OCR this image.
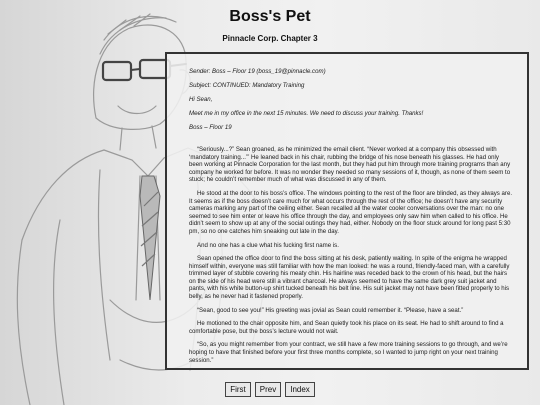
Boss's Pet
Pinnacle Corp. Chapter 3

Sender: Boss – Floor 19 (boss_19@pinnacle.com)

Subject: CONTINUED: Mandatory Training

Hi Sean,

Meet me in my office in the next 15 minutes. We need to discuss your training. Thanks!

Boss – Floor 19

“Seriously...?” Sean groaned, as he minimized the email client. “Never worked at a company this obsessed with ‘mandatory training...’” He leaned back in his chair, rubbing the bridge of his nose beneath his glasses. He had only been working at Pinnacle Corporation for the last month, but they had put him through more training programs than any company he worked for before. It was no wonder they needed so many sessions of it, though, as none of them seem to stuck; he couldn’t remember much of what was discussed in any of them.

He stood at the door to his boss’s office. The windows pointing to the rest of the floor are blinded, as they always are. It seems as if the boss doesn’t care much for what occurs through the rest of the office; he doesn’t have any security cameras marking any part of the ceiling either. Sean recalled all the water cooler conversations over the man: no one seemed to see him enter or leave his office through the day, and employees only saw him when called to his office. He didn’t seem to show up at any of the social outings they had, either. Nobody on the floor stuck around for long past 5:30 pm, so no one catches him sneaking out late in the day.

And no one has a clue what his fucking first name is.

Sean opened the office door to find the boss sitting at his desk, patiently waiting. In spite of the enigma he wrapped himself within, everyone was still familiar with how the man looked: he was a round, friendly-faced man, with a carefully trimmed layer of stubble covering his meaty chin. His hairline was receded back to the crown of his head, but the hairs on the side of his head were still a vibrant charcoal. He always seemed to have the same dark grey suit jacket and pants, with his white button-up shirt tucked beneath his belt line. His suit jacket may not have been fitted properly to his belly, as he never had it fastened properly.

“Sean, good to see you!” His greeting was jovial as Sean could remember it. “Please, have a seat.”

He motioned to the chair opposite him, and Sean quietly took his place on its seat. He had to shift around to find a comfortable pose, but the boss’s lecture would not wait.

“So, as you might remember from your contract, we still have a few more training sessions to go through, and we’re hoping to have that finished before your first three months complete, so I wanted to jump right on your next training session.”

First	Prev	Index
